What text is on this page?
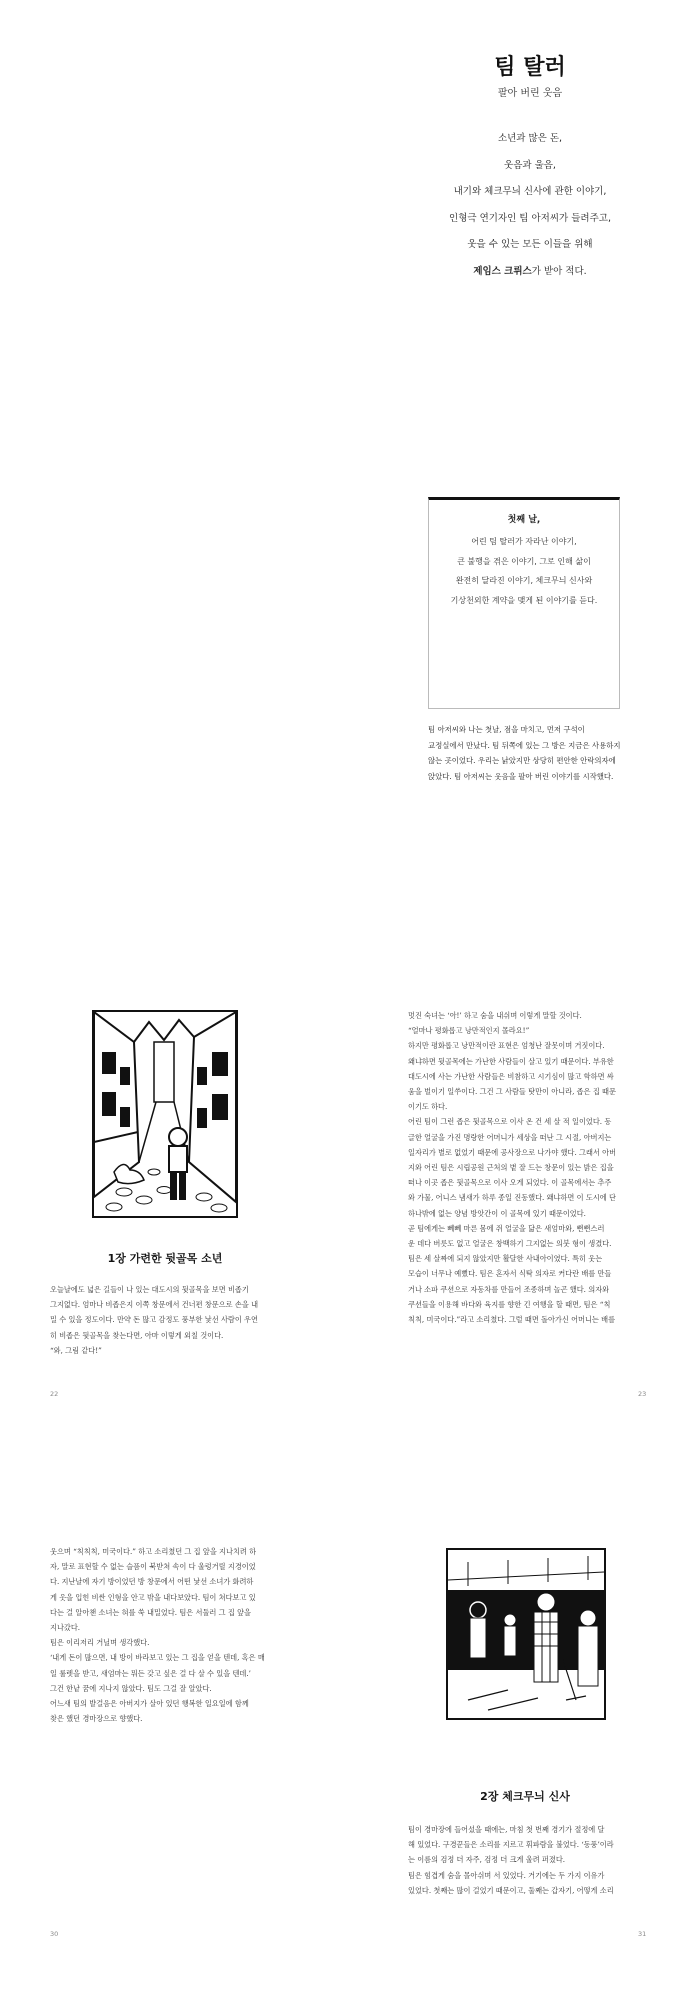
팀 탈러
팔아 버린 웃음
소년과 많은 돈,
웃음과 울음,
내기와 체크무늬 신사에 관한 이야기,
인형극 연기자인 팀 아저씨가 들려주고,
웃을 수 있는 모든 이들을 위해
제임스 크뤼스가 받아 적다.
첫째 날,
어린 팀 탈러가 자라난 이야기,
큰 불행을 겪은 이야기, 그로 인해 삶이
완전히 달라진 이야기, 체크무늬 신사와
기상천외한 계약을 맺게 된 이야기를 듣다.
팀 아저씨와 나는 첫날, 점을 마치고, 먼저 구석이
교정실에서 만났다. 팀 뒤쪽에 있는 그 방은 지금은 사용하지
않는 곳이었다. 우리는 낡았지만 상당히 편안한 안락의자에
앉았다. 팀 아저씨는 웃음을 팔아 버린 이야기를 시작했다.
1장 가련한 뒷골목 소년
오늘날에도 넓은 길들이 나 있는 대도시의 뒷골목을 보면 비좁기
그지없다. 엄마나 비좁은지 이쪽 창문에서 건너편 창문으로 손을 내
밀 수 있을 정도이다. 만약 돈 많고 감정도 풍부한 낯선 사람이 우연
히 비좁은 뒷골목을 찾는다면, 아마 이렇게 외칠 것이다.
“와, 그림 같다!”
22
멋진 숙녀는 ‘아!’ 하고 숨을 내쉬며 이렇게 말할 것이다.
“얼마나 평화롭고 낭만적인지 몰라요!”
하지만 평화롭고 낭만적이란 표현은 엄청난 잘못이며 거짓이다.
왜냐하면 뒷골목에는 가난한 사람들이 살고 있기 때문이다. 부유한
대도시에 사는 가난한 사람들은 비참하고 시기심이 많고 학하면 싸
움을 벌이기 일쑤이다. 그건 그 사람들 탓만이 아니라, 좁은 집 때문
이기도 하다.
어린 팀이 그런 좁은 뒷골목으로 이사 온 건 세 살 적 일이었다. 동
글한 얼굴을 가진 명랑한 어머니가 세상을 떠난 그 시절, 아버지는
일자리가 별로 없었기 때문에 공사장으로 나가야 했다. 그래서 아버
지와 어린 팀은 시립공원 근처의 볕 잘 드는 창문이 있는 밝은 집을
떠나 이곳 좁은 뒷골목으로 이사 오게 되었다. 이 골목에서는 추주
와 가물, 어니스 냄새가 하루 종일 진동했다. 왜냐하면 이 도시에 단
하나밖에 없는 양념 방앗간이 이 골목에 있기 때문이었다.
곧 팀에게는 뻬뻬 마른 몸에 쥐 얼굴을 닮은 새엄마와, 뻔뻔스러
운 데다 버릇도 없고 얼굴은 창백하기 그지없는 의붓 형이 생겼다.
팀은 세 살짜에 되지 않았지만 활달한 사내아이였다. 특히 웃는
모습이 너무나 예뻤다. 팀은 혼자서 식탁 의자로 커다란 배를 만들
거나 소파 쿠션으로 자동차를 만들어 조종하며 놀곤 했다. 의자와
쿠션들을 이용해 바다와 육지를 향한 긴 여행을 할 때면, 팀은 “칙
칙칙, 미국이다.”라고 소리쳤다. 그럴 때면 돌아가신 어머니는 배를
23
웃으며 “칙칙칙, 미국이다.” 하고 소리쳤던 그 집 앞을 지나치려 하
자, 말로 표현할 수 없는 슬픔이 북받쳐 속이 다 울렁거릴 지경이었
다. 지난날에 자기 방이었던 방 창문에서 어떤 낯선 소녀가 화려하
게 옷을 입힌 비싼 인형을 안고 밖을 내다보았다. 팀이 쳐다보고 있
다는 걸 알아챈 소녀는 혀를 쑥 내밀었다. 팀은 서둘러 그 집 앞을
지나갔다.
팀은 이리저리 거닐며 생각했다.
‘내게 돈이 많으면, 내 방이 바라보고 있는 그 집을 얻을 텐데, 혹은 매
일 룰렛을 받고, 새엄마는 뭐든 갖고 싶은 걸 다 살 수 있을 텐데.’
그건 한낱 꿈에 지나지 않았다. 팀도 그걸 잘 알았다.
어느새 팀의 발걸음은 아버지가 살아 있던 행복한 일요일에 함께
찾은 했던 경마장으로 향했다.
30
2장 체크무늬 신사
팀이 경마장에 들어섰을 때에는, 마침 첫 번째 경기가 절정에 달
해 있었다. 구경꾼들은 소리를 지르고 휘파람을 불었다. ‘동풍’이라
는 이름의 검정 더 자주, 검정 더 크게 울려 퍼졌다.
팀은 힘겹게 숨을 몰아쉬며 서 있었다. 거기에는 두 가지 이유가
있었다. 첫째는 많이 걸었기 때문이고, 둘째는 갑자기, 어떻게 소리
31
